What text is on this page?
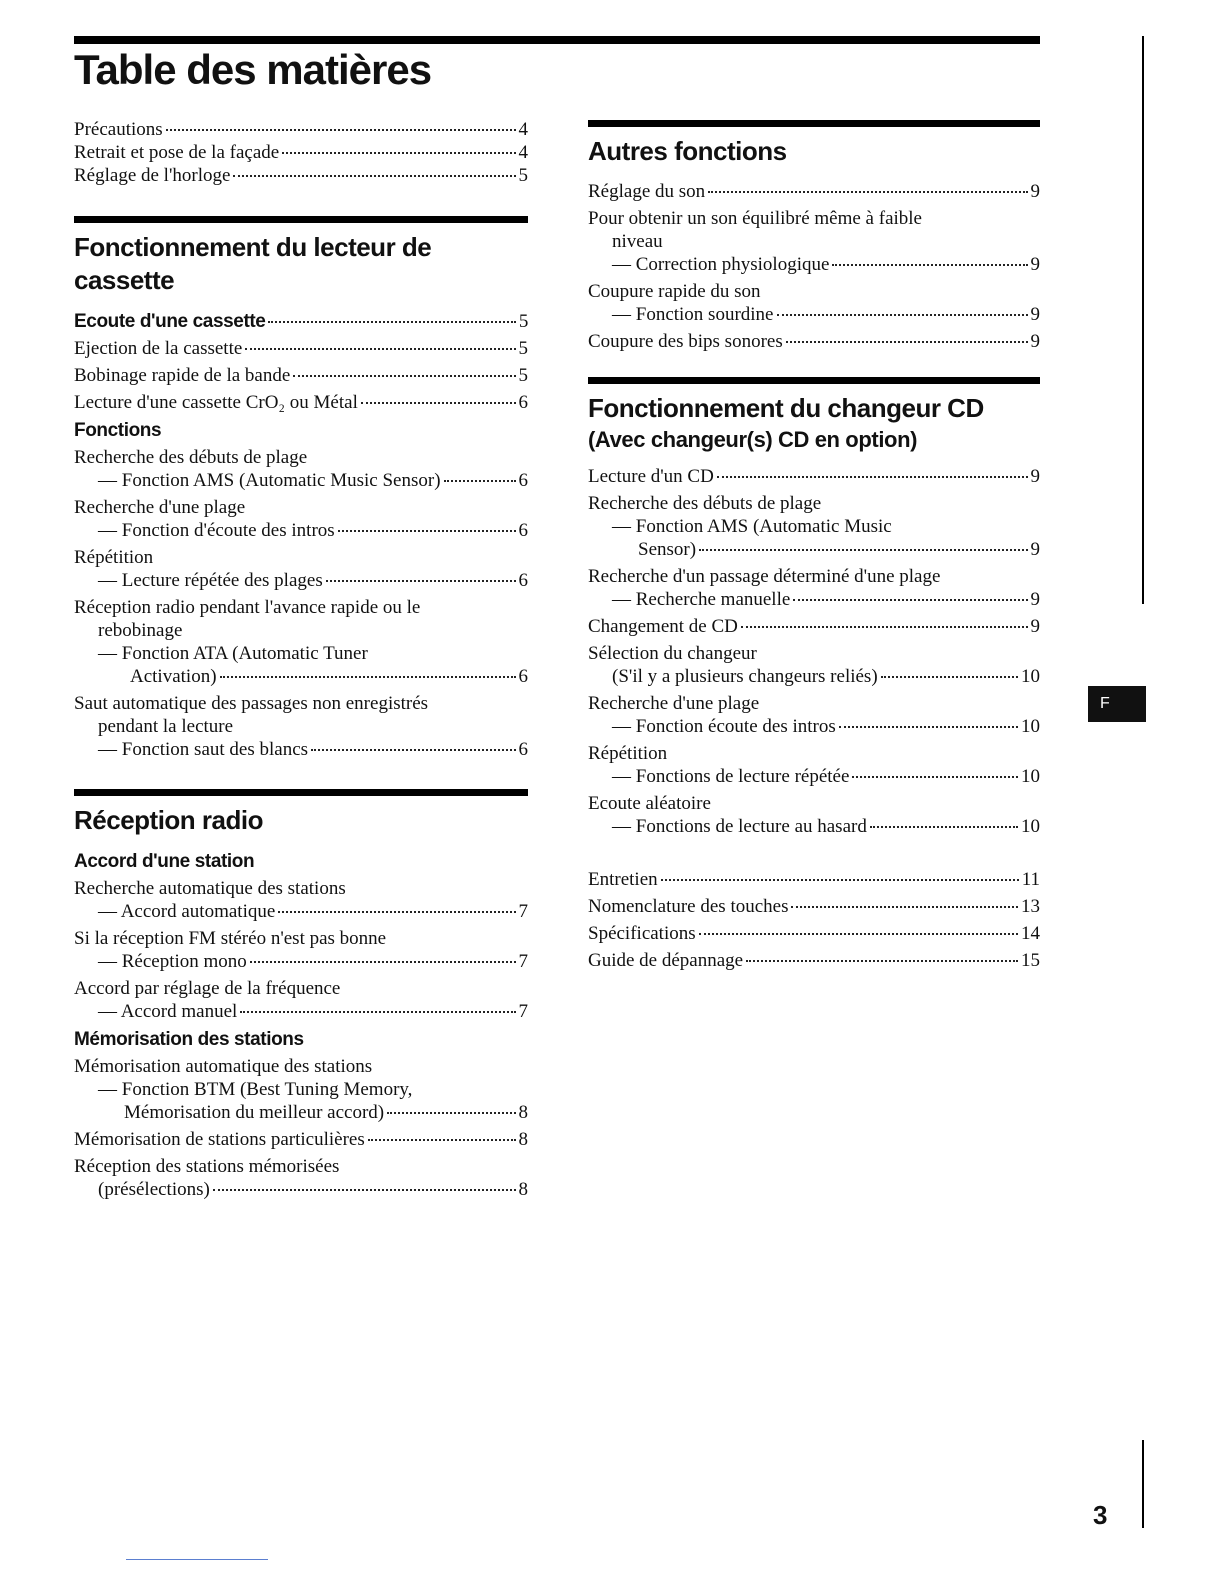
Table des matières
Précautions	4
Retrait et pose de la façade	4
Réglage de l'horloge	5
Fonctionnement du lecteur de
cassette
Ecoute d'une cassette	5
Ejection de la cassette	5
Bobinage rapide de la bande	5
Lecture d'une cassette CrO₂ ou Métal	6
Fonctions
Recherche des débuts de plage
— Fonction AMS (Automatic Music Sensor)	6
Recherche d'une plage
— Fonction d'écoute des intros	6
Répétition
— Lecture répétée des plages	6
Réception radio pendant l'avance rapide ou le
rebobinage
— Fonction ATA (Automatic Tuner
Activation)	6
Saut automatique des passages non enregistrés
pendant la lecture
— Fonction saut des blancs	6
Réception radio
Accord d'une station
Recherche automatique des stations
— Accord automatique	7
Si la réception FM stéréo n'est pas bonne
— Réception mono	7
Accord par réglage de la fréquence
— Accord manuel	7
Mémorisation des stations
Mémorisation automatique des stations
— Fonction BTM (Best Tuning Memory,
Mémorisation du meilleur accord)	8
Mémorisation de stations particulières	8
Réception des stations mémorisées
(présélections)	8
Autres fonctions
Réglage du son	9
Pour obtenir un son équilibré même à faible
niveau
— Correction physiologique	9
Coupure rapide du son
— Fonction sourdine	9
Coupure des bips sonores	9
Fonctionnement du changeur CD
(Avec changeur(s) CD en option)
Lecture d'un CD	9
Recherche des débuts de plage
— Fonction AMS (Automatic Music
Sensor)	9
Recherche d'un passage déterminé d'une plage
— Recherche manuelle	9
Changement de CD	9
Sélection du changeur
(S'il y a plusieurs changeurs reliés)	10
Recherche d'une plage
— Fonction écoute des intros	10
Répétition
— Fonctions de lecture répétée	10
Ecoute aléatoire
— Fonctions de lecture au hasard	10
Entretien	11
Nomenclature des touches	13
Spécifications	14
Guide de dépannage	15
F
3
